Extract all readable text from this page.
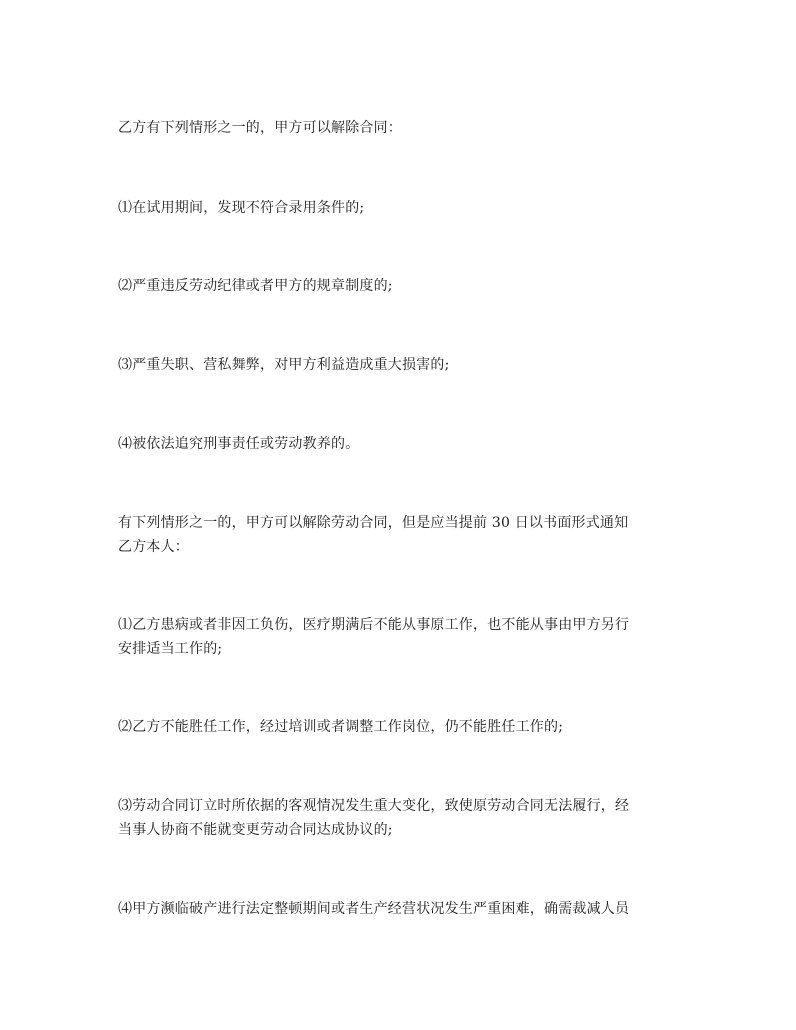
乙方有下列情形之一的，甲方可以解除合同：
⑴在试用期间，发现不符合录用条件的;
⑵严重违反劳动纪律或者甲方的规章制度的;
⑶严重失职、营私舞弊，对甲方利益造成重大损害的;
⑷被依法追究刑事责任或劳动教养的。
有下列情形之一的，甲方可以解除劳动合同，但是应当提前 30 日以书面形式通知
乙方本人：
⑴乙方患病或者非因工负伤，医疗期满后不能从事原工作，也不能从事由甲方另行
安排适当工作的;
⑵乙方不能胜任工作，经过培训或者调整工作岗位，仍不能胜任工作的;
⑶劳动合同订立时所依据的客观情况发生重大变化，致使原劳动合同无法履行，经
当事人协商不能就变更劳动合同达成协议的;
⑷甲方濒临破产进行法定整顿期间或者生产经营状况发生严重困难，确需裁减人员
